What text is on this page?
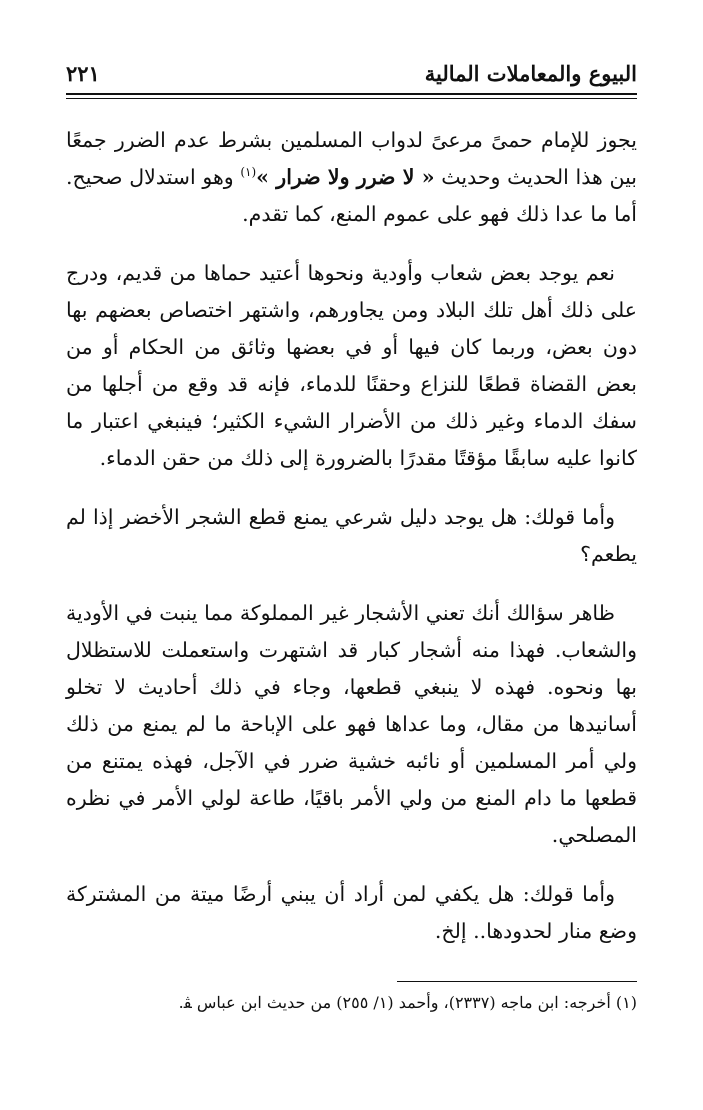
البيوع والمعاملات المالية
٢٢١

يجوز للإمام حمىً مرعىً لدواب المسلمين بشرط عدم الضرر جمعًا بين هذا الحديث وحديث « لا ضرر ولا ضرار »$^{(١)}$ وهو استدلال صحيح. أما ما عدا ذلك فهو على عموم المنع، كما تقدم.

نعم يوجد بعض شعاب وأودية ونحوها أعتيد حماها من قديم، ودرج على ذلك أهل تلك البلاد ومن يجاورهم، واشتهر اختصاص بعضهم بها دون بعض، وربما كان فيها أو في بعضها وثائق من الحكام أو من بعض القضاة قطعًا للنزاع وحقنًا للدماء، فإنه قد وقع من أجلها من سفك الدماء وغير ذلك من الأضرار الشيء الكثير؛ فينبغي اعتبار ما كانوا عليه سابقًا مؤقتًا مقدرًا بالضرورة إلى ذلك من حقن الدماء.

وأما قولك: هل يوجد دليل شرعي يمنع قطع الشجر الأخضر إذا لم يطعم؟

ظاهر سؤالك أنك تعني الأشجار غير المملوكة مما ينبت في الأودية والشعاب. فهذا منه أشجار كبار قد اشتهرت واستعملت للاستظلال بها ونحوه. فهذه لا ينبغي قطعها، وجاء في ذلك أحاديث لا تخلو أسانيدها من مقال، وما عداها فهو على الإباحة ما لم يمنع من ذلك ولي أمر المسلمين أو نائبه خشية ضرر في الآجل، فهذه يمتنع من قطعها ما دام المنع من ولي الأمر باقيًا، طاعة لولي الأمر في نظره المصلحي.

وأما قولك: هل يكفي لمن أراد أن يبني أرضًا ميتة من المشتركة وضع منار لحدودها.. إلخ.

(١) أخرجه: ابن ماجه (٢٣٣٧)، وأحمد (١/ ٢٥٥) من حديث ابن عباس ﭭ.
